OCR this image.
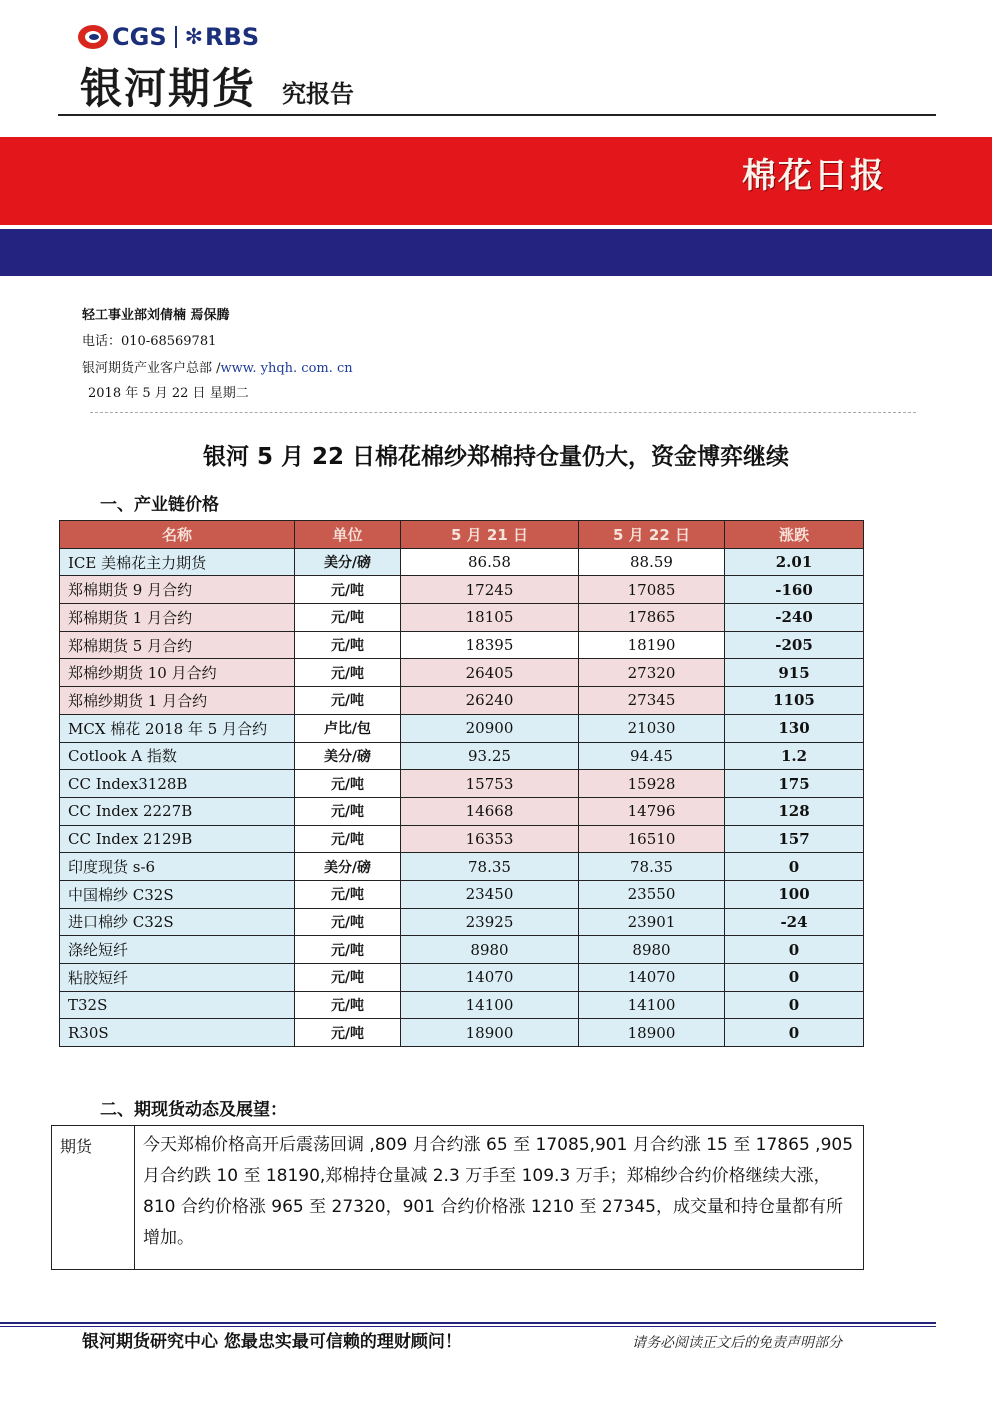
CGS ✻ RBS
银河期货 究报告
棉花日报
轻工事业部刘倩楠 焉保腾
电话：010-68569781
银河期货产业客户总部 /www. yhqh. com. cn
2018 年 5 月 22 日 星期二
银河 5 月 22 日棉花棉纱郑棉持仓量仍大，资金博弈继续
一、产业链价格
名称	单位	5 月 21 日	5 月 22 日	涨跌
ICE 美棉花主力期货	美分/磅	86.58	88.59	2.01
郑棉期货 9 月合约	元/吨	17245	17085	-160
郑棉期货 1 月合约	元/吨	18105	17865	-240
郑棉期货 5 月合约	元/吨	18395	18190	-205
郑棉纱期货 10 月合约	元/吨	26405	27320	915
郑棉纱期货 1 月合约	元/吨	26240	27345	1105
MCX 棉花 2018 年 5 月合约	卢比/包	20900	21030	130
Cotlook A 指数	美分/磅	93.25	94.45	1.2
CC Index3128B	元/吨	15753	15928	175
CC Index 2227B	元/吨	14668	14796	128
CC Index 2129B	元/吨	16353	16510	157
印度现货 s-6	美分/磅	78.35	78.35	0
中国棉纱 C32S	元/吨	23450	23550	100
进口棉纱 C32S	元/吨	23925	23901	-24
涤纶短纤	元/吨	8980	8980	0
粘胶短纤	元/吨	14070	14070	0
T32S	元/吨	14100	14100	0
R30S	元/吨	18900	18900	0
二、期现货动态及展望：
期货	今天郑棉价格高开后震荡回调 ,809 月合约涨 65 至 17085,901 月合约涨 15 至 17865 ,905 月合约跌 10 至 18190,郑棉持仓量减 2.3 万手至 109.3 万手；郑棉纱合约价格继续大涨，810 合约价格涨 965 至 27320，901 合约价格涨 1210 至 27345，成交量和持仓量都有所增加。
银河期货研究中心 您最忠实最可信赖的理财顾问！	请务必阅读正文后的免责声明部分
